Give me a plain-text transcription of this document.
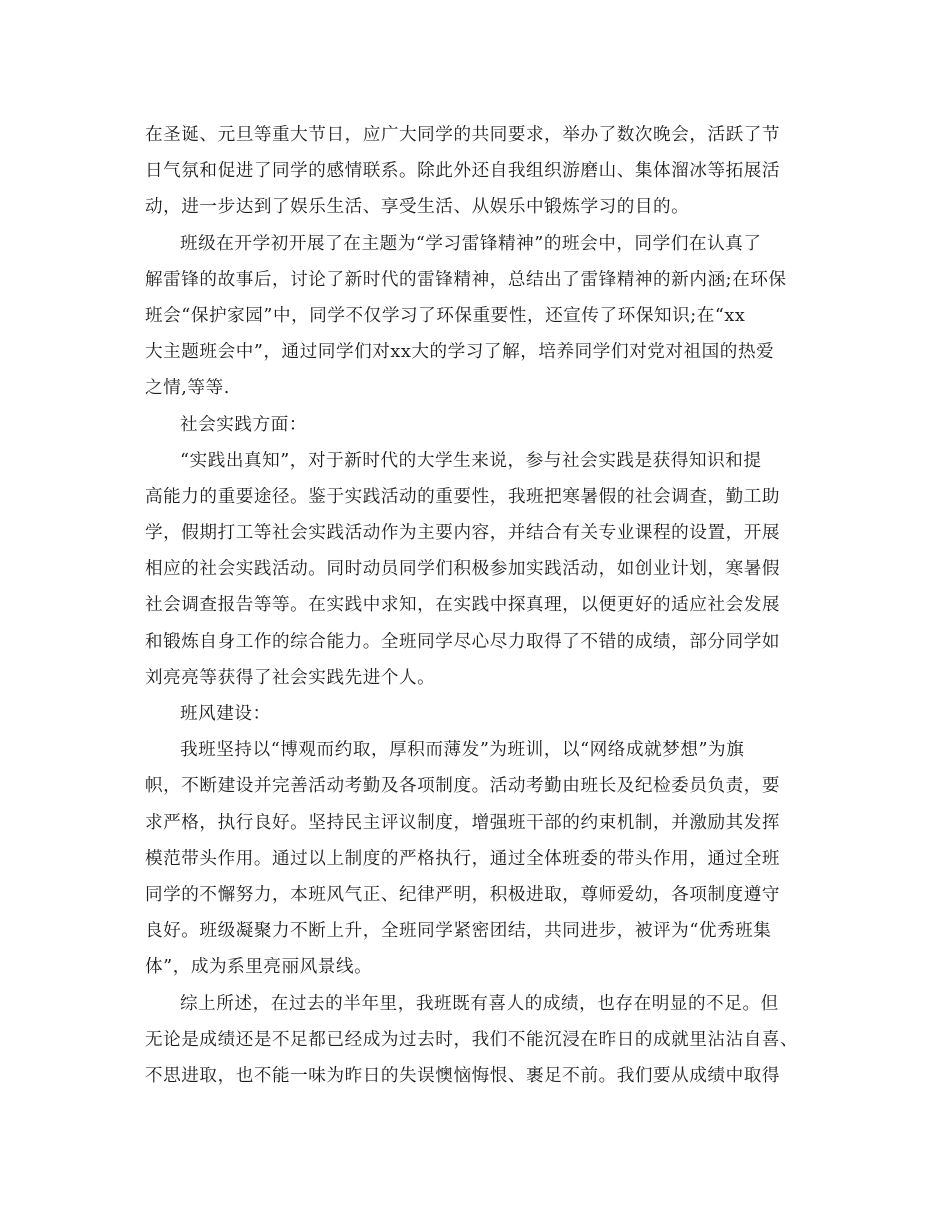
在圣诞、元旦等重大节日，应广大同学的共同要求，举办了数次晚会，活跃了节
日气氛和促进了同学的感情联系。除此外还自我组织游磨山、集体溜冰等拓展活
动，进一步达到了娱乐生活、享受生活、从娱乐中锻炼学习的目的。
班级在开学初开展了在主题为“学习雷锋精神”的班会中，同学们在认真了
解雷锋的故事后，讨论了新时代的雷锋精神，总结出了雷锋精神的新内涵;在环保
班会“保护家园”中，同学不仅学习了环保重要性，还宣传了环保知识;在“xx
大主题班会中”，通过同学们对xx大的学习了解，培养同学们对党对祖国的热爱
之情,等等.
社会实践方面：
“实践出真知”，对于新时代的大学生来说，参与社会实践是获得知识和提
高能力的重要途径。鉴于实践活动的重要性，我班把寒暑假的社会调查，勤工助
学，假期打工等社会实践活动作为主要内容，并结合有关专业课程的设置，开展
相应的社会实践活动。同时动员同学们积极参加实践活动，如创业计划，寒暑假
社会调查报告等等。在实践中求知，在实践中探真理，以便更好的适应社会发展
和锻炼自身工作的综合能力。全班同学尽心尽力取得了不错的成绩，部分同学如
刘亮亮等获得了社会实践先进个人。
班风建设：
我班坚持以“博观而约取，厚积而薄发”为班训，以“网络成就梦想”为旗
帜，不断建设并完善活动考勤及各项制度。活动考勤由班长及纪检委员负责，要
求严格，执行良好。坚持民主评议制度，增强班干部的约束机制，并激励其发挥
模范带头作用。通过以上制度的严格执行，通过全体班委的带头作用，通过全班
同学的不懈努力，本班风气正、纪律严明，积极进取，尊师爱幼，各项制度遵守
良好。班级凝聚力不断上升，全班同学紧密团结，共同进步，被评为“优秀班集
体”，成为系里亮丽风景线。
综上所述，在过去的半年里，我班既有喜人的成绩，也存在明显的不足。但
无论是成绩还是不足都已经成为过去时，我们不能沉浸在昨日的成就里沾沾自喜、
不思进取，也不能一味为昨日的失误懊恼悔恨、裹足不前。我们要从成绩中取得
